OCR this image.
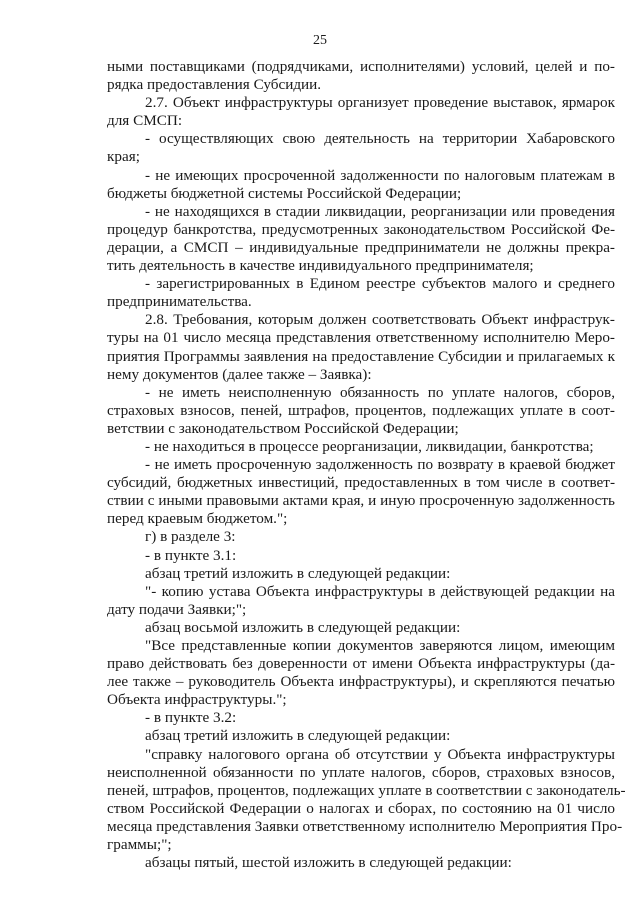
25
ными поставщиками (подрядчиками, исполнителями) условий, целей и по-
рядка предоставления Субсидии.
2.7. Объект инфраструктуры организует проведение выставок, ярмарок
для СМСП:
- осуществляющих свою деятельность на территории Хабаровского
края;
- не имеющих просроченной задолженности по налоговым платежам в
бюджеты бюджетной системы Российской Федерации;
- не находящихся в стадии ликвидации, реорганизации или проведения
процедур банкротства, предусмотренных законодательством Российской Фе-
дерации, а СМСП – индивидуальные предприниматели не должны прекра-
тить деятельность в качестве индивидуального предпринимателя;
- зарегистрированных в Едином реестре субъектов малого и среднего
предпринимательства.
2.8. Требования, которым должен соответствовать Объект инфраструк-
туры на 01 число месяца представления ответственному исполнителю Меро-
приятия Программы заявления на предоставление Субсидии и прилагаемых к
нему документов (далее также – Заявка):
- не иметь неисполненную обязанность по уплате налогов, сборов,
страховых взносов, пеней, штрафов, процентов, подлежащих уплате в соот-
ветствии с законодательством Российской Федерации;
- не находиться в процессе реорганизации, ликвидации, банкротства;
- не иметь просроченную задолженность по возврату в краевой бюджет
субсидий, бюджетных инвестиций, предоставленных в том числе в соответ-
ствии с иными правовыми актами края, и иную просроченную задолженность
перед краевым бюджетом.";
г) в разделе 3:
- в пункте 3.1:
абзац третий изложить в следующей редакции:
"- копию устава Объекта инфраструктуры в действующей редакции на
дату подачи Заявки;";
абзац восьмой изложить в следующей редакции:
"Все представленные копии документов заверяются лицом, имеющим
право действовать без доверенности от имени Объекта инфраструктуры (да-
лее также – руководитель Объекта инфраструктуры), и скрепляются печатью
Объекта инфраструктуры.";
- в пункте 3.2:
абзац третий изложить в следующей редакции:
"справку налогового органа об отсутствии у Объекта инфраструктуры
неисполненной обязанности по уплате налогов, сборов, страховых взносов,
пеней, штрафов, процентов, подлежащих уплате в соответствии с законодатель-
ством Российской Федерации о налогах и сборах, по состоянию на 01 число
месяца представления Заявки ответственному исполнителю Мероприятия Про-
граммы;";
абзацы пятый, шестой изложить в следующей редакции:
